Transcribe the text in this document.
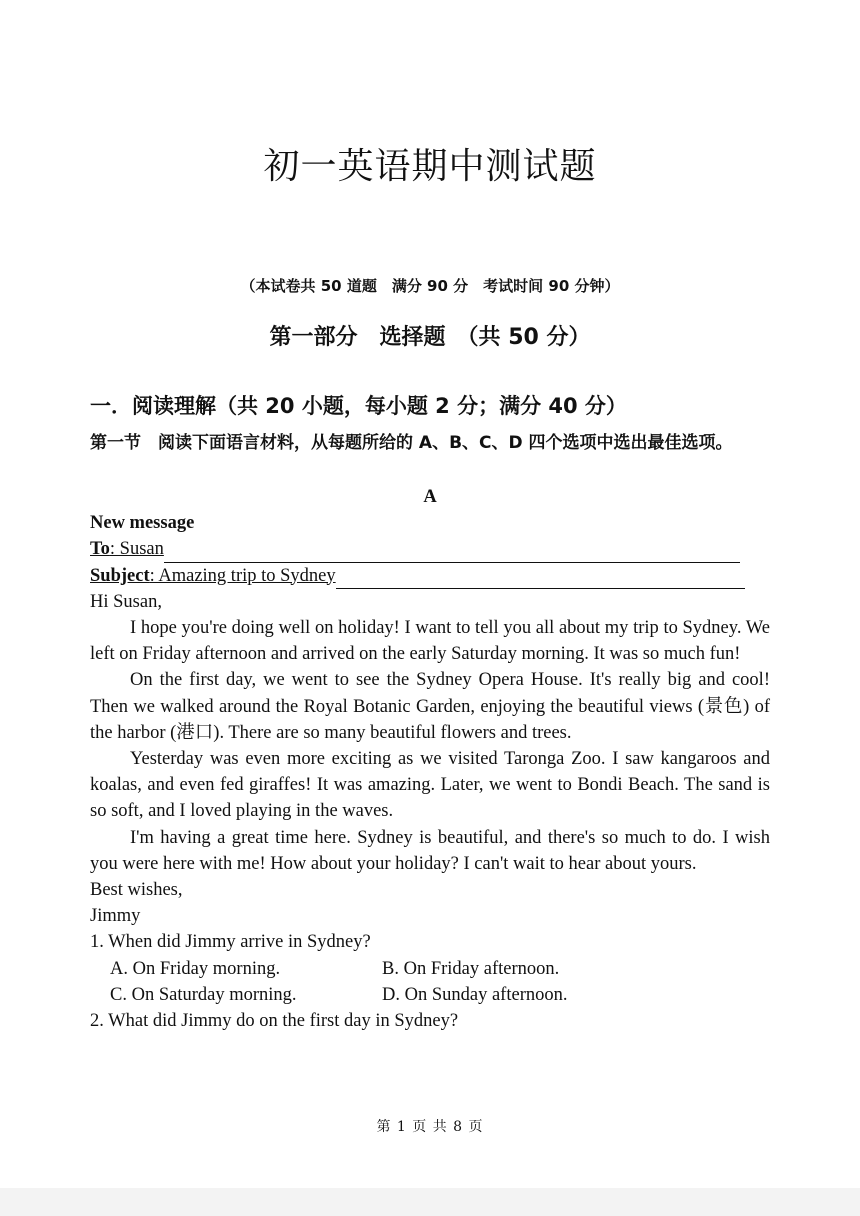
初一英语期中测试题
（本试卷共 50 道题　满分 90 分　考试时间 90 分钟）
第一部分　选择题　（共 50 分）
一．阅读理解（共 20 小题，每小题 2 分；满分 40 分）
第一节　阅读下面语言材料，从每题所给的 A、B、C、D 四个选项中选出最佳选项。
A
New message
To : Susan
Subject : Amazing trip to Sydney
Hi Susan,
I hope you're doing well on holiday! I want to tell you all about my trip to Sydney. We left on Friday afternoon and arrived on the early Saturday morning. It was so much fun!
On the first day, we went to see the Sydney Opera House. It's really big and cool! Then we walked around the Royal Botanic Garden, enjoying the beautiful views (景色) of the harbor (港口). There are so many beautiful flowers and trees.
Yesterday was even more exciting as we visited Taronga Zoo. I saw kangaroos and koalas, and even fed giraffes! It was amazing. Later, we went to Bondi Beach. The sand is so soft, and I loved playing in the waves.
I'm having a great time here. Sydney is beautiful, and there's so much to do. I wish you were here with me! How about your holiday? I can't wait to hear about yours.
Best wishes,
Jimmy
1. When did Jimmy arrive in Sydney?
A. On Friday morning.	B. On Friday afternoon.
C. On Saturday morning.	D. On Sunday afternoon.
2. What did Jimmy do on the first day in Sydney?
第 1 页 共 8 页
